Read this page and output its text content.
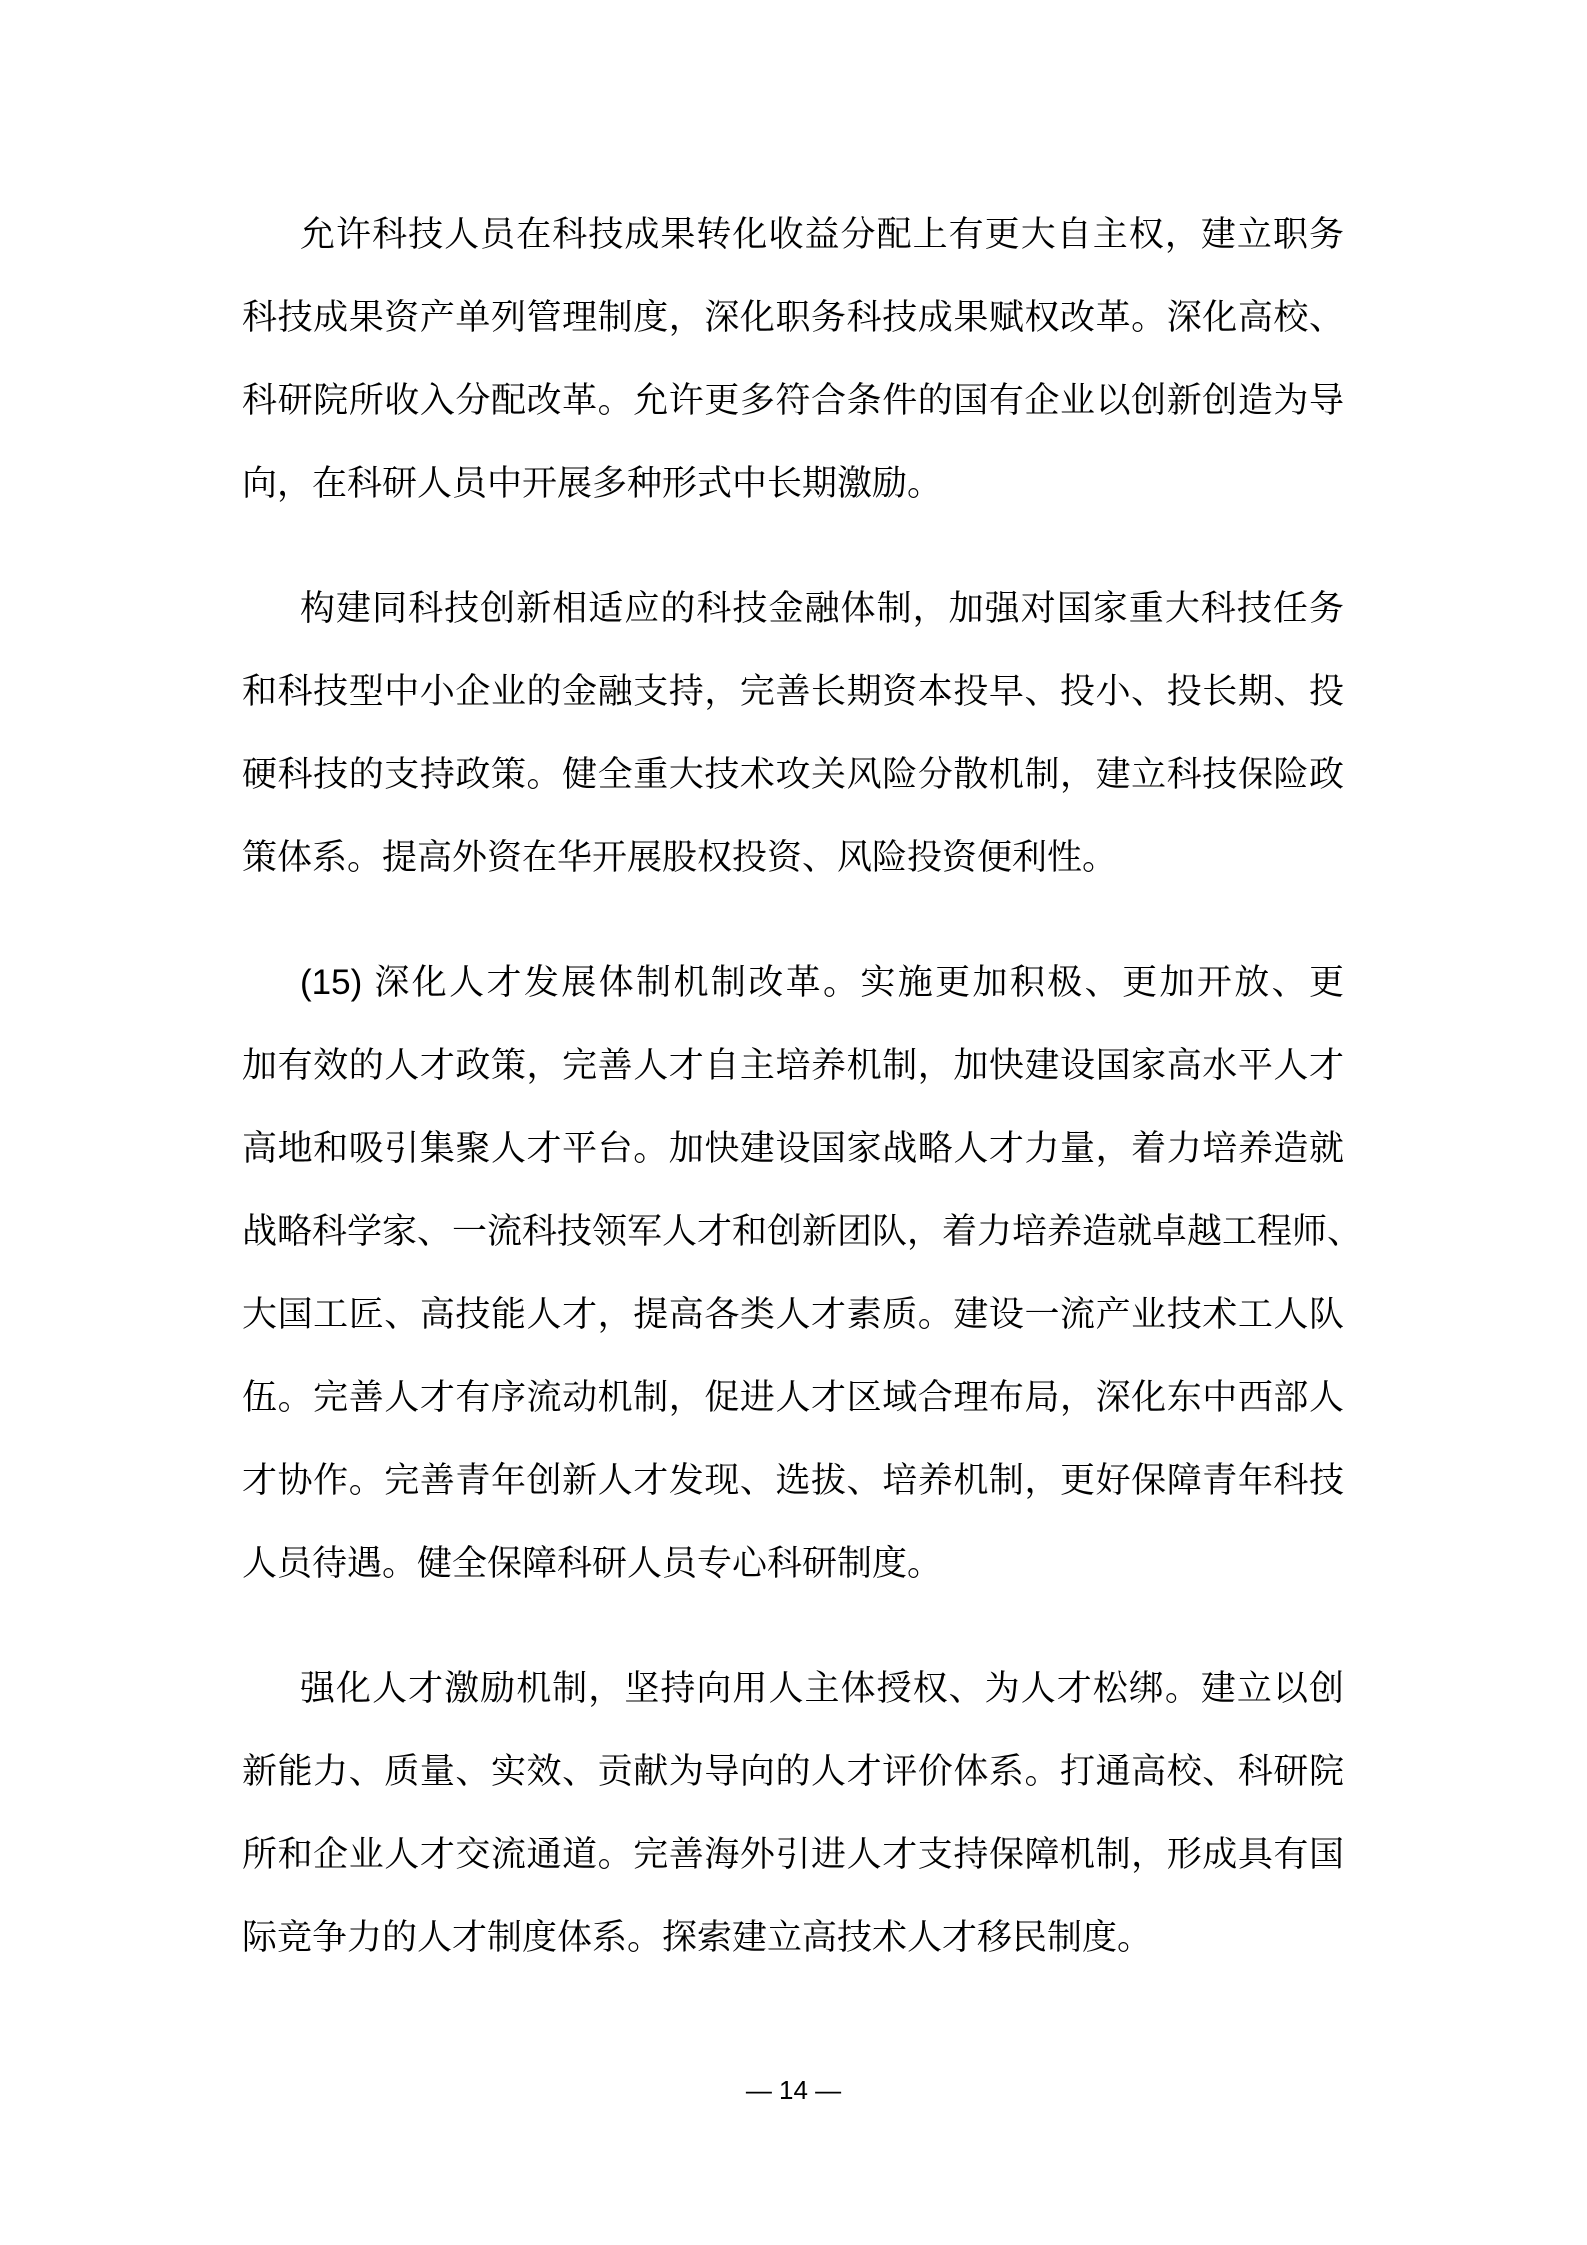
允许科技人员在科技成果转化收益分配上有更大自主权，建立职务
科技成果资产单列管理制度，深化职务科技成果赋权改革。深化高校、
科研院所收入分配改革。允许更多符合条件的国有企业以创新创造为导
向，在科研人员中开展多种形式中长期激励。
构建同科技创新相适应的科技金融体制，加强对国家重大科技任务
和科技型中小企业的金融支持，完善长期资本投早、投小、投长期、投
硬科技的支持政策。健全重大技术攻关风险分散机制，建立科技保险政
策体系。提高外资在华开展股权投资、风险投资便利性。
(15) 深化人才发展体制机制改革。实施更加积极、更加开放、更
加有效的人才政策，完善人才自主培养机制，加快建设国家高水平人才
高地和吸引集聚人才平台。加快建设国家战略人才力量，着力培养造就
战略科学家、一流科技领军人才和创新团队，着力培养造就卓越工程师、
大国工匠、高技能人才，提高各类人才素质。建设一流产业技术工人队
伍。完善人才有序流动机制，促进人才区域合理布局，深化东中西部人
才协作。完善青年创新人才发现、选拔、培养机制，更好保障青年科技
人员待遇。健全保障科研人员专心科研制度。
强化人才激励机制，坚持向用人主体授权、为人才松绑。建立以创
新能力、质量、实效、贡献为导向的人才评价体系。打通高校、科研院
所和企业人才交流通道。完善海外引进人才支持保障机制，形成具有国
际竞争力的人才制度体系。探索建立高技术人才移民制度。
— 14 —
